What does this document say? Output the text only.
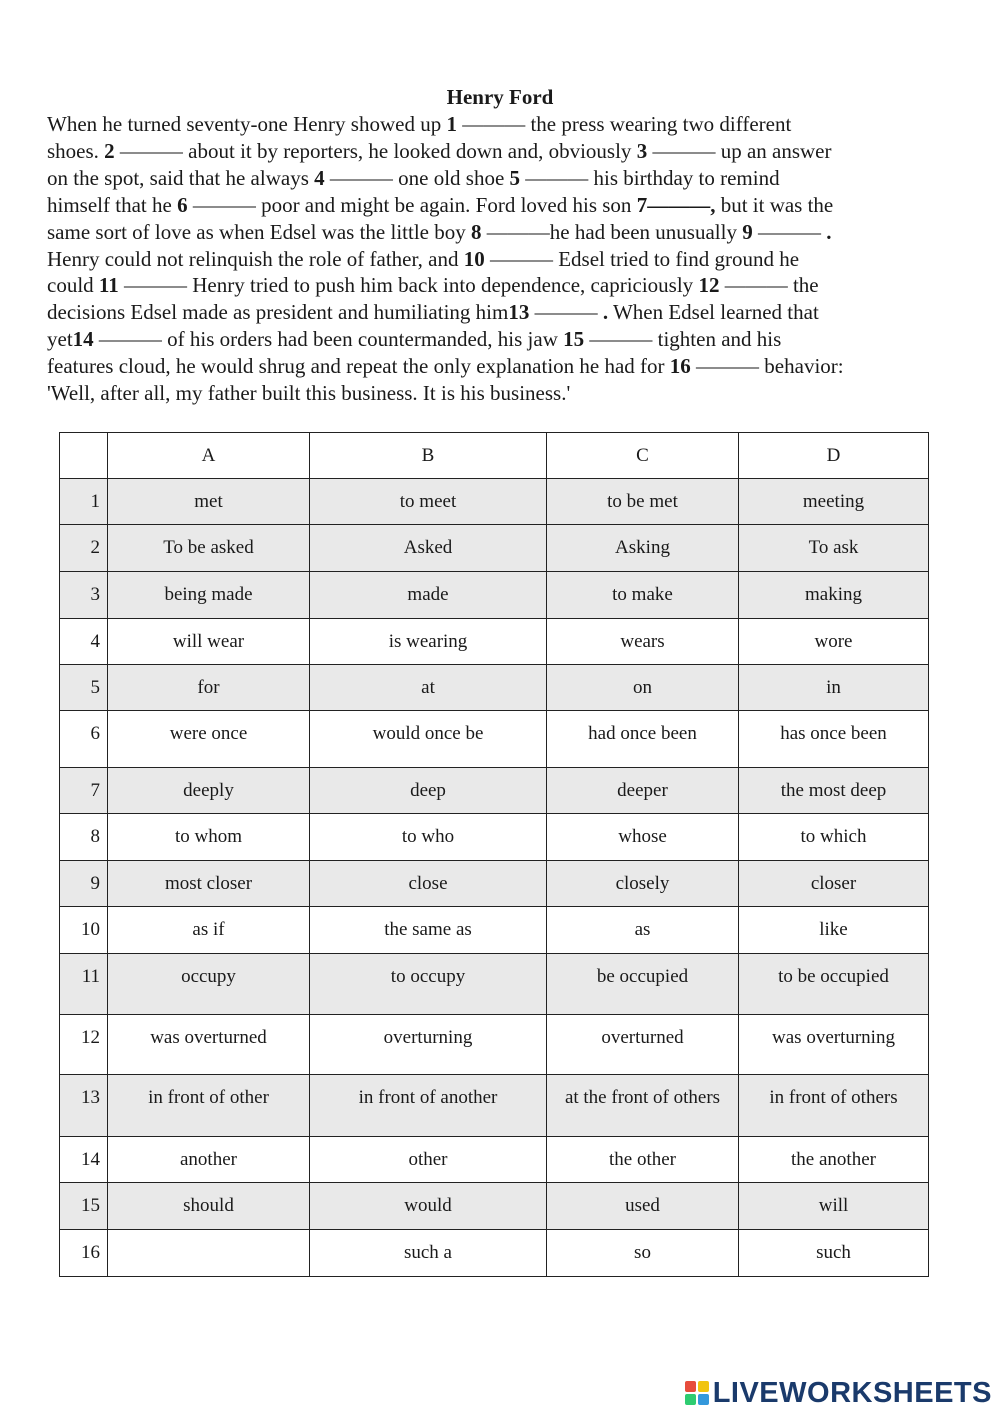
Henry Ford
When he turned seventy-one Henry showed up 1 ——— the press wearing two different
shoes. 2 ——— about it by reporters, he looked down and, obviously 3 ——— up an answer
on the spot, said that he always 4 ——— one old shoe 5 ——— his birthday to remind
himself that he 6 ——— poor and might be again. Ford loved his son 7———, but it was the
same sort of love as when Edsel was the little boy 8 ———he had been unusually 9 ——— .
Henry could not relinquish the role of father, and 10 ——— Edsel tried to find ground he
could 11 ——— Henry tried to push him back into dependence, capriciously 12 ——— the
decisions Edsel made as president and humiliating him13 ——— . When Edsel learned that
yet14 ——— of his orders had been countermanded, his jaw 15 ——— tighten and his
features cloud, he would shrug and repeat the only explanation he had for 16 ——— behavior:
'Well, after all, my father built this business. It is his business.'
	A	B	C	D
1	met	to meet	to be met	meeting
2	To be asked	Asked	Asking	To ask
3	being made	made	to make	making
4	will wear	is wearing	wears	wore
5	for	at	on	in
6	were once	would once be	had once been	has once been
7	deeply	deep	deeper	the most deep
8	to whom	to who	whose	to which
9	most closer	close	closely	closer
10	as if	the same as	as	like
11	occupy	to occupy	be occupied	to be occupied
12	was overturned	overturning	overturned	was overturning
13	in front of other	in front of another	at the front of others	in front of others
14	another	other	the other	the another
15	should	would	used	will
16		such a	so	such
LIVEWORKSHEETS
